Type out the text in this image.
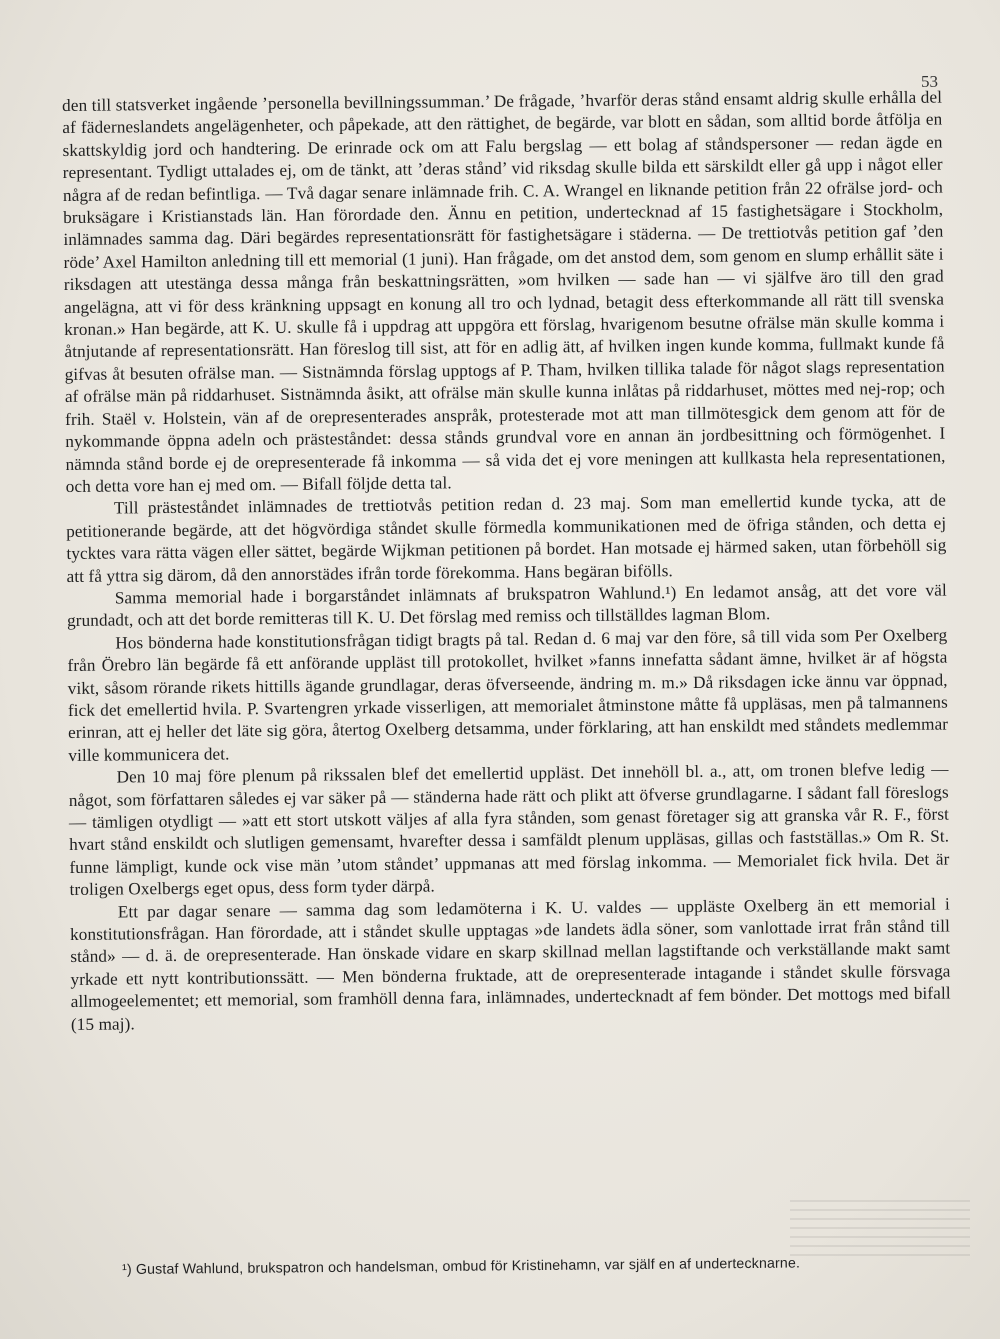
53

den till statsverket ingående ’personella bevillningssumman.’ De frågade, ’hvarför deras stånd ensamt aldrig skulle erhålla del af fäderneslandets angelägenheter, och påpekade, att den rättighet, de begärde, var blott en sådan, som alltid borde åtfölja en skattskyldig jord och handtering. De erinrade ock om att Falu bergslag — ett bolag af ståndspersoner — redan ägde en representant. Tydligt uttalades ej, om de tänkt, att ’deras stånd’ vid riksdag skulle bilda ett särskildt eller gå upp i något eller några af de redan befintliga. — Två dagar senare inlämnade frih. C. A. Wrangel en liknande petition från 22 ofrälse jord- och bruksägare i Kristianstads län. Han förordade den. Ännu en petition, undertecknad af 15 fastighetsägare i Stockholm, inlämnades samma dag. Däri begärdes representationsrätt för fastighetsägare i städerna. — De trettiotvås petition gaf ’den röde’ Axel Hamilton anledning till ett memorial (1 juni). Han frågade, om det anstod dem, som genom en slump erhållit säte i riksdagen att utestänga dessa många från beskattningsrätten, »om hvilken — sade han — vi själfve äro till den grad angelägna, att vi för dess kränkning uppsagt en konung all tro och lydnad, betagit dess efterkommande all rätt till svenska kronan.» Han begärde, att K. U. skulle få i uppdrag att uppgöra ett förslag, hvarigenom besutne ofrälse män skulle komma i åtnjutande af representationsrätt. Han föreslog till sist, att för en adlig ätt, af hvilken ingen kunde komma, fullmakt kunde få gifvas åt besuten ofrälse man. — Sistnämnda förslag upptogs af P. Tham, hvilken tillika talade för något slags representation af ofrälse män på riddarhuset. Sistnämnda åsikt, att ofrälse män skulle kunna inlåtas på riddarhuset, möttes med nej-rop; och frih. Staël v. Holstein, vän af de orepresenterades anspråk, protesterade mot att man tillmötesgick dem genom att för de nykommande öppna adeln och prästeståndet: dessa stånds grundval vore en annan än jordbesittning och förmögenhet. I nämnda stånd borde ej de orepresenterade få inkomma — så vida det ej vore meningen att kullkasta hela representationen, och detta vore han ej med om. — Bifall följde detta tal.

Till prästeståndet inlämnades de trettiotvås petition redan d. 23 maj. Som man emellertid kunde tycka, att de petitionerande begärde, att det högvördiga ståndet skulle förmedla kommunikationen med de öfriga stånden, och detta ej tycktes vara rätta vägen eller sättet, begärde Wijkman petitionen på bordet. Han motsade ej härmed saken, utan förbehöll sig att få yttra sig därom, då den annorstädes ifrån torde förekomma. Hans begäran bifölls.

Samma memorial hade i borgarståndet inlämnats af brukspatron Wahlund.¹) En ledamot ansåg, att det vore väl grundadt, och att det borde remitteras till K. U. Det förslag med remiss och tillställdes lagman Blom.

Hos bönderna hade konstitutionsfrågan tidigt bragts på tal. Redan d. 6 maj var den före, så till vida som Per Oxelberg från Örebro län begärde få ett anförande uppläst till protokollet, hvilket »fanns innefatta sådant ämne, hvilket är af högsta vikt, såsom rörande rikets hittills ägande grundlagar, deras öfverseende, ändring m. m.» Då riksdagen icke ännu var öppnad, fick det emellertid hvila. P. Svartengren yrkade visserligen, att memorialet åtminstone måtte få uppläsas, men på talmannens erinran, att ej heller det läte sig göra, återtog Oxelberg detsamma, under förklaring, att han enskildt med ståndets medlemmar ville kommunicera det.

Den 10 maj före plenum på rikssalen blef det emellertid uppläst. Det innehöll bl. a., att, om tronen blefve ledig — något, som författaren således ej var säker på — ständerna hade rätt och plikt att öfverse grundlagarne. I sådant fall föreslogs — tämligen otydligt — »att ett stort utskott väljes af alla fyra stånden, som genast företager sig att granska vår R. F., först hvart stånd enskildt och slutligen gemensamt, hvarefter dessa i samfäldt plenum uppläsas, gillas och fastställas.» Om R. St. funne lämpligt, kunde ock vise män ’utom ståndet’ uppmanas att med förslag inkomma. — Memorialet fick hvila. Det är troligen Oxelbergs eget opus, dess form tyder därpå.

Ett par dagar senare — samma dag som ledamöterna i K. U. valdes — uppläste Oxelberg än ett memorial i konstitutionsfrågan. Han förordade, att i ståndet skulle upptagas »de landets ädla söner, som vanlottade irrat från stånd till stånd» — d. ä. de orepresenterade. Han önskade vidare en skarp skillnad mellan lagstiftande och verkställande makt samt yrkade ett nytt kontributionssätt. — Men bönderna fruktade, att de orepresenterade intagande i ståndet skulle försvaga allmogeelementet; ett memorial, som framhöll denna fara, inlämnades, undertecknadt af fem bönder. Det mottogs med bifall (15 maj).

¹) Gustaf Wahlund, brukspatron och handelsman, ombud för Kristinehamn, var själf en af undertecknarne.
